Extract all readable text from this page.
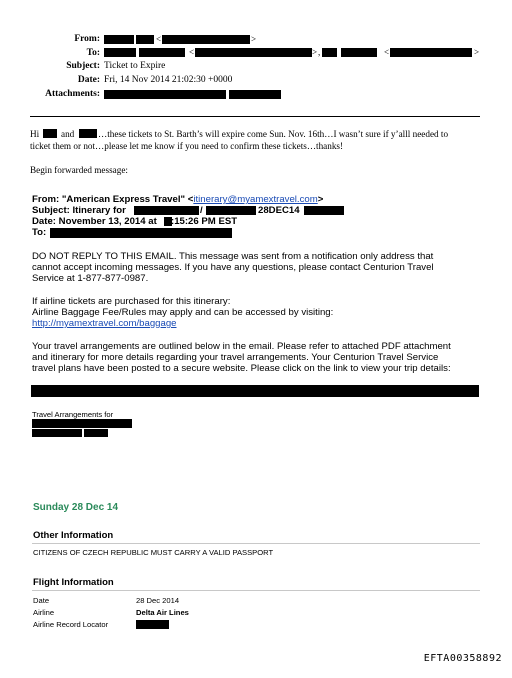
From:	<	>
To:	<	> ,	<	>
Subject: Ticket to Expire
Date: Fri, 14 Nov 2014 21:02:30 +0000
Attachments:
Hi and	…these tickets to St. Barth’s will expire come Sun. Nov. 16th…I wasn’t sure if y’alll needed to
ticket them or not…please let me know if you need to confirm these tickets…thanks!
Begin forwarded message:
From: "American Express Travel" <itinerary@myamextravel.com>
Subject: Itinerary for	/	28DEC14
Date: November 13, 2014 at :15:26 PM EST
To:
DO NOT REPLY TO THIS EMAIL. This message was sent from a notification only address that
cannot accept incoming messages. If you have any questions, please contact Centurion Travel
Service at 1-877-877-0987.
If airline tickets are purchased for this itinerary:
Airline Baggage Fee/Rules may apply and can be accessed by visiting:
http://myamextravel.com/baggage
Your travel arrangements are outlined below in the email. Please refer to attached PDF attachment
and itinerary for more details regarding your travel arrangements. Your Centurion Travel Service
travel plans have been posted to a secure website. Please click on the link to view your trip details:
Travel Arrangements for
Sunday 28 Dec 14
Other Information
CITIZENS OF CZECH REPUBLIC MUST CARRY A VALID PASSPORT
Flight Information
Date	28 Dec 2014
Airline	Delta Air Lines
Airline Record Locator
EFTA00358892
